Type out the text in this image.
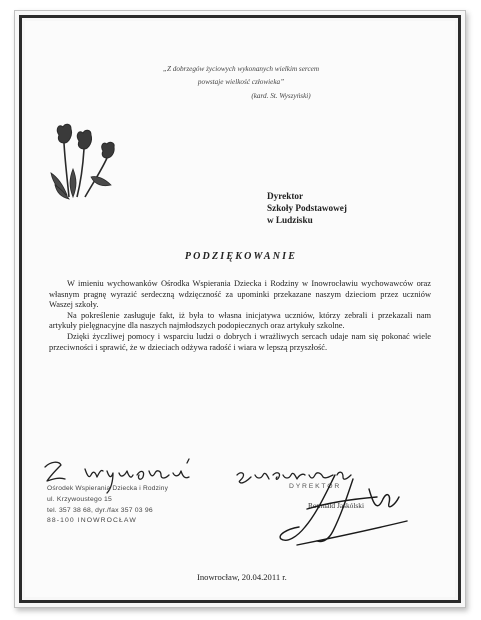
„Z dobrzegów życiowych wykonanych wielkim sercem
powstaje wielkość człowieka”
(kard. St. Wyszyński)
Dyrektor
Szkoły Podstawowej
w Ludzisku
PODZIĘKOWANIE

W imieniu wychowanków Ośrodka Wspierania Dziecka i Rodziny w Inowrocławiu wychowawców oraz własnym pragnę wyrazić serdeczną wdzięczność za upominki przekazane naszym dzieciom przez uczniów Waszej szkoły.

Na pokreślenie zasługuje fakt, iż była to własna inicjatywa uczniów, którzy zebrali i przekazali nam artykuły pielęgnacyjne dla naszych najmłodszych podopiecznych oraz artykuły szkolne.

Dzięki życzliwej pomocy i wsparciu ludzi o dobrych i wrażliwych sercach udaje nam się pokonać wiele przeciwności i sprawić, że w dzieciach odżywa radość i wiara w lepszą przyszłość.

Ośrodek Wspierania Dziecka i Rodziny
ul. Krzywoustego 15
tel. 357 38 68, dyr./fax 357 03 96
88-100 INOWROCŁAW
DYREKTOR
Romuald Jaskólski
Inowrocław, 20.04.2011 r.
